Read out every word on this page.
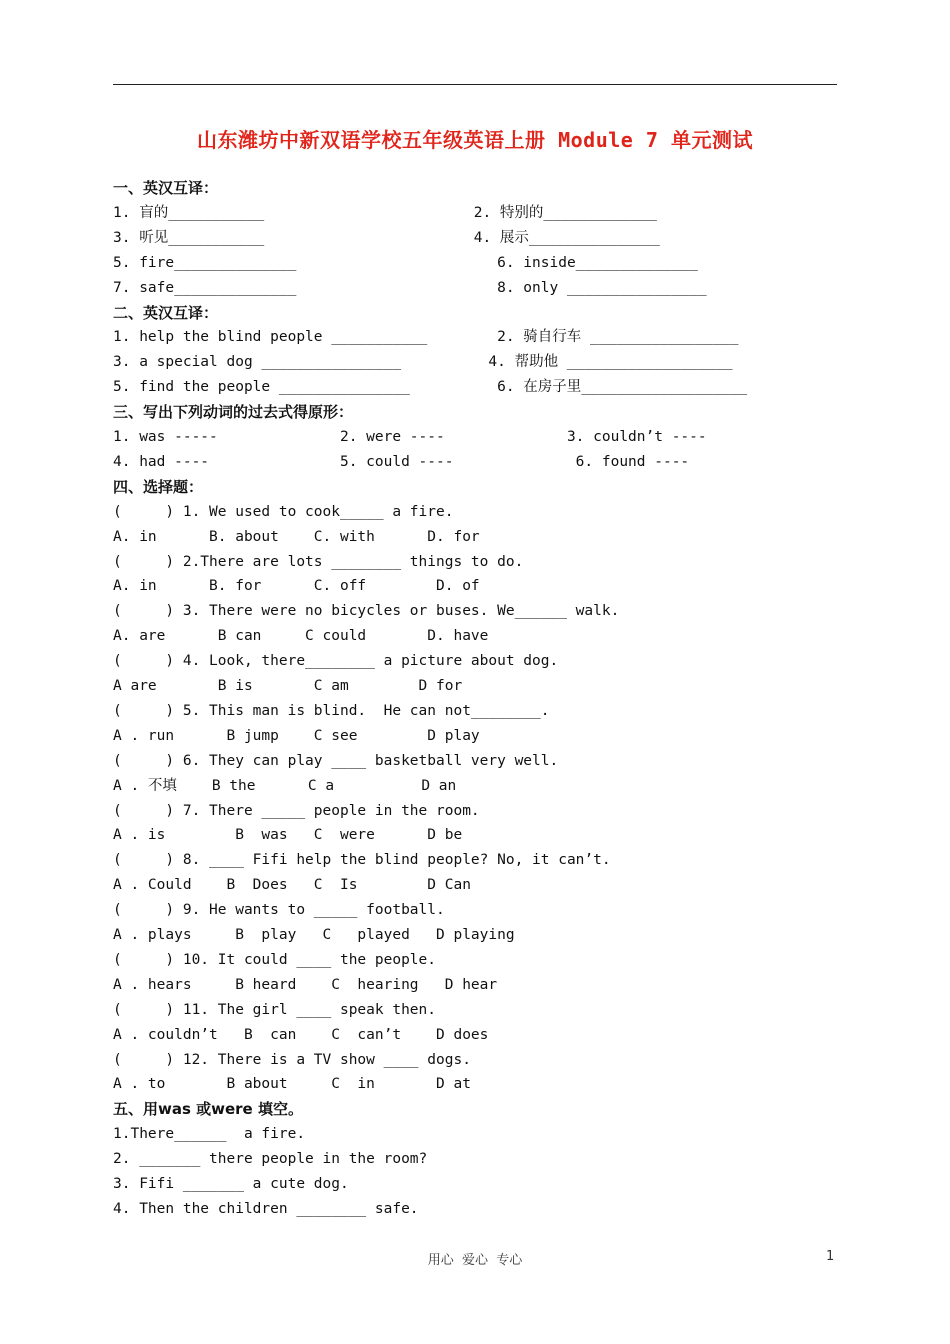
山东潍坊中新双语学校五年级英语上册 Module 7 单元测试
一、英汉互译：
1. 盲的___________                        2. 特别的_____________
3. 听见___________                        4. 展示_______________
5. fire______________                       6. inside______________
7. safe______________                       8. only ________________
二、英汉互译：
1. help the blind people ___________        2. 骑自行车 _________________
3. a special dog ________________          4. 帮助他 ___________________
5. find the people _______________          6. 在房子里___________________
三、写出下列动词的过去式得原形：
1. was -----              2. were ----              3. couldn’t ----
4. had ----               5. could ----              6. found ----
四、选择题：
(     ) 1. We used to cook_____ a fire.
A. in      B. about    C. with      D. for
(     ) 2.There are lots ________ things to do.
A. in      B. for      C. off        D. of
(     ) 3. There were no bicycles or buses. We______ walk.
A. are      B can     C could       D. have
(     ) 4. Look, there________ a picture about dog.
A are       B is       C am        D for
(     ) 5. This man is blind.  He can not________.
A . run      B jump    C see        D play
(     ) 6. They can play ____ basketball very well.
A . 不填    B the      C a          D an
(     ) 7. There _____ people in the room.
A . is        B  was   C  were      D be
(     ) 8. ____ Fifi help the blind people? No, it can’t.
A . Could    B  Does   C  Is        D Can
(     ) 9. He wants to _____ football.
A . plays     B  play   C   played   D playing
(     ) 10. It could ____ the people.
A . hears     B heard    C  hearing   D hear
(     ) 11. The girl ____ speak then.
A . couldn’t   B  can    C  can’t    D does
(     ) 12. There is a TV show ____ dogs.
A . to       B about     C  in       D at
五、用was 或were 填空。
1.There______  a fire.
2. _______ there people in the room?
3. Fifi _______ a cute dog.
4. Then the children ________ safe.
用心  爱心  专心	1
